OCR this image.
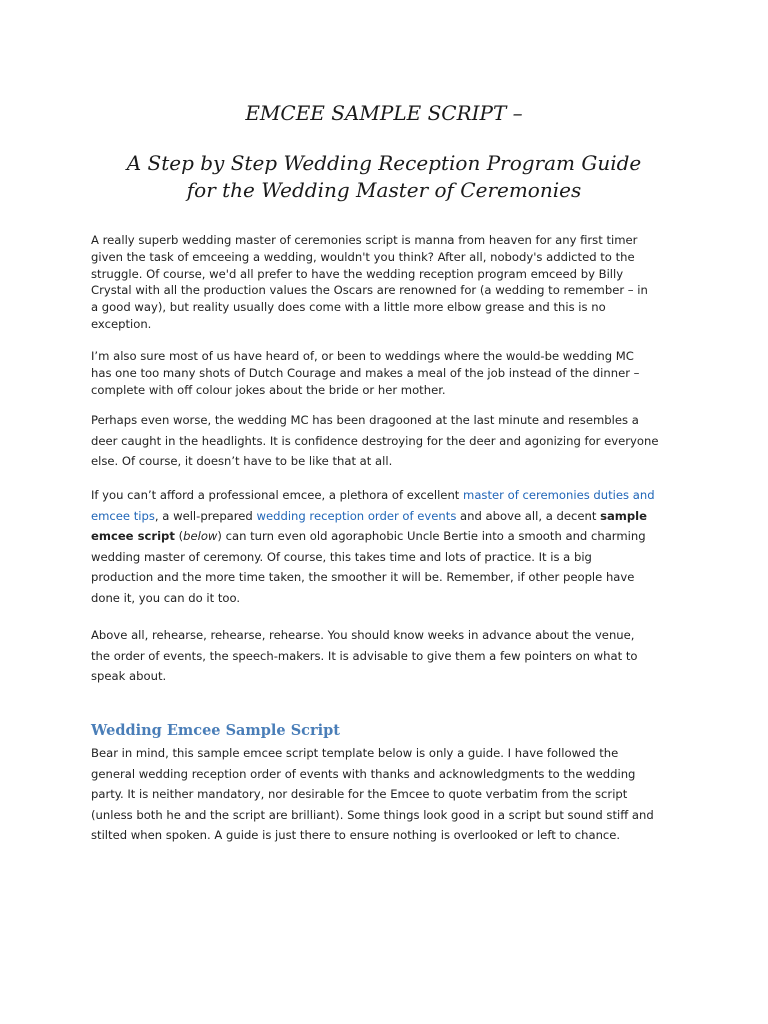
EMCEE SAMPLE SCRIPT –
A Step by Step Wedding Reception Program Guide
for the Wedding Master of Ceremonies
A really superb wedding master of ceremonies script is manna from heaven for any first timer
given the task of emceeing a wedding, wouldn't you think? After all, nobody's addicted to the
struggle. Of course, we'd all prefer to have the wedding reception program emceed by Billy
Crystal with all the production values the Oscars are renowned for (a wedding to remember – in
a good way), but reality usually does come with a little more elbow grease and this is no
exception.
I’m also sure most of us have heard of, or been to weddings where the would-be wedding MC
has one too many shots of Dutch Courage and makes a meal of the job instead of the dinner –
complete with off colour jokes about the bride or her mother.
Perhaps even worse, the wedding MC has been dragooned at the last minute and resembles a
deer caught in the headlights. It is confidence destroying for the deer and agonizing for everyone
else. Of course, it doesn’t have to be like that at all.
If you can’t afford a professional emcee, a plethora of excellent master of ceremonies duties and
emcee tips, a well-prepared wedding reception order of events and above all, a decent sample
emcee script (below) can turn even old agoraphobic Uncle Bertie into a smooth and charming
wedding master of ceremony. Of course, this takes time and lots of practice. It is a big
production and the more time taken, the smoother it will be. Remember, if other people have
done it, you can do it too.
Above all, rehearse, rehearse, rehearse. You should know weeks in advance about the venue,
the order of events, the speech-makers. It is advisable to give them a few pointers on what to
speak about.
Wedding Emcee Sample Script
Bear in mind, this sample emcee script template below is only a guide. I have followed the
general wedding reception order of events with thanks and acknowledgments to the wedding
party. It is neither mandatory, nor desirable for the Emcee to quote verbatim from the script
(unless both he and the script are brilliant). Some things look good in a script but sound stiff and
stilted when spoken. A guide is just there to ensure nothing is overlooked or left to chance.
